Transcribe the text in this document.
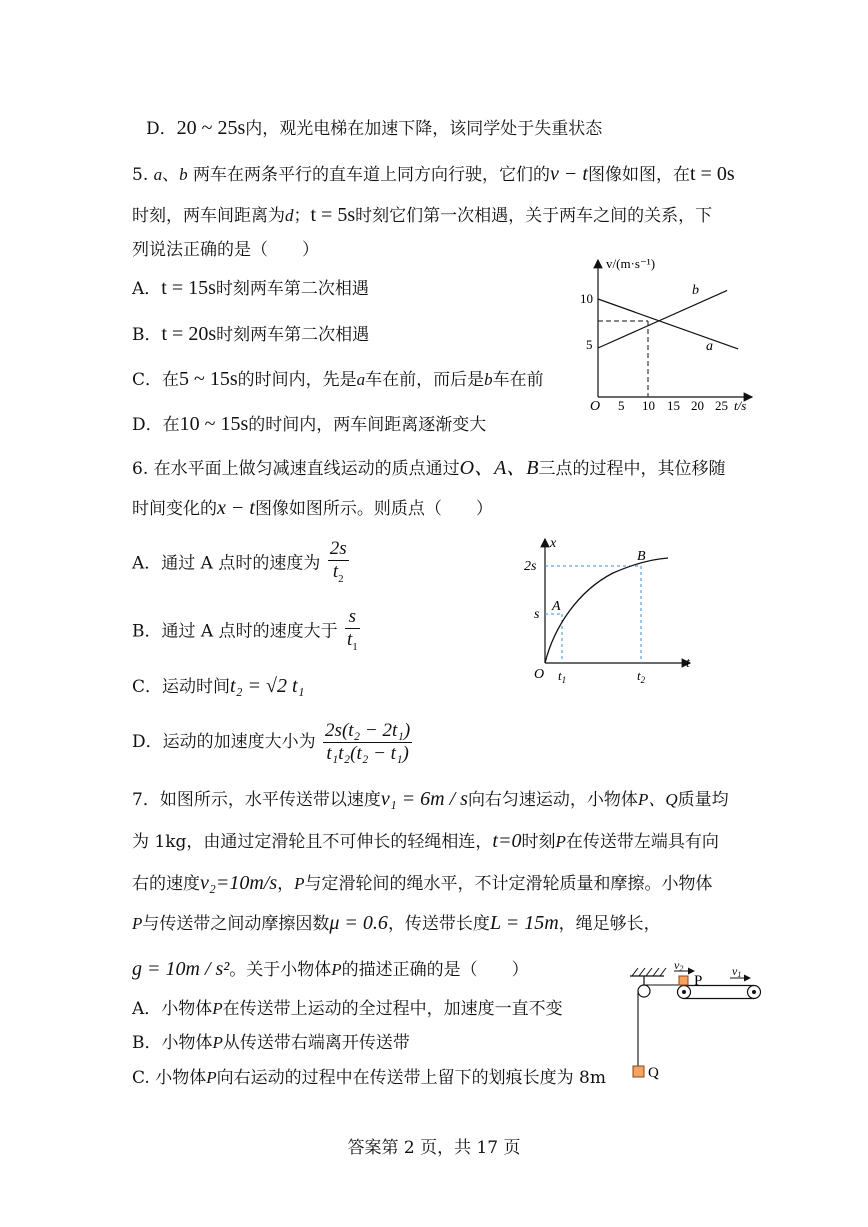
D．20 ~ 25s内，观光电梯在加速下降，该同学处于失重状态
5. a、b 两车在两条平行的直车道上同方向行驶，它们的v − t图像如图，在t = 0s
时刻，两车间距离为d；t = 5s时刻它们第一次相遇，关于两车之间的关系，下
列说法正确的是（　　）
A．t = 15s时刻两车第二次相遇
B．t = 20s时刻两车第二次相遇
C．在5 ~ 15s的时间内，先是a车在前，而后是b车在前
D．在10 ~ 15s的时间内，两车间距离逐渐变大
v/(m·s⁻¹)
t/s
O
10
5
5 10 15 20 25
b
a
6. 在水平面上做匀减速直线运动的质点通过O、A、B三点的过程中，其位移随
时间变化的x − t图像如图所示。则质点（　　）
A．通过 A 点时的速度为 $\frac{2s}{t_2}$
B．通过 A 点时的速度大于 $\frac{s}{t_1}$
C．运动时间t₂ = √2 t₁
D．运动的加速度大小为 $\frac{\text{2s(t₂ − 2t₁)}}{\text{t₁t₂(t₂ − t₁)}}$
x
t
O
2s
s
A
B
$t_1$	$t_2$
7．如图所示，水平传送带以速度v₁ = 6m / s向右匀速运动，小物体P、Q质量均
为 1kg，由通过定滑轮且不可伸长的轻绳相连，t=0时刻P在传送带左端具有向
右的速度v₂=10m/s，P与定滑轮间的绳水平，不计定滑轮质量和摩擦。小物体
P与传送带之间动摩擦因数μ = 0.6，传送带长度L = 15m，绳足够长，
g = 10m / s²。关于小物体P的描述正确的是（　　）
A．小物体P在传送带上运动的全过程中，加速度一直不变
B．小物体P从传送带右端离开传送带
C. 小物体P向右运动的过程中在传送带上留下的划痕长度为 8m	Q
P
v2	v1
答案第 2 页，共 17 页
